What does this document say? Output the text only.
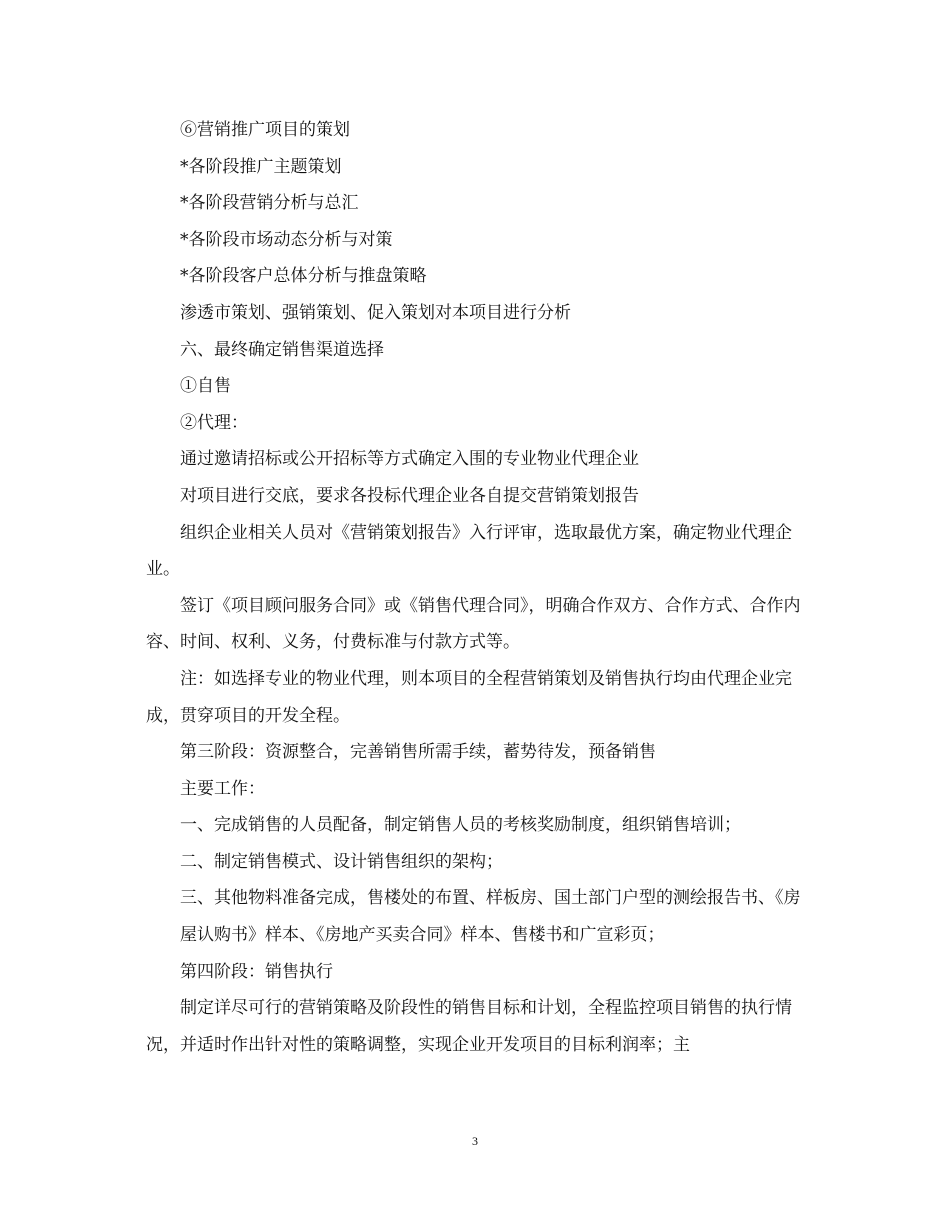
⑥营销推广项目的策划

*各阶段推广主题策划

*各阶段营销分析与总汇

*各阶段市场动态分析与对策

*各阶段客户总体分析与推盘策略

渗透市策划、强销策划、促入策划对本项目进行分析

六、最终确定销售渠道选择

①自售

②代理：

通过邀请招标或公开招标等方式确定入围的专业物业代理企业

对项目进行交底，要求各投标代理企业各自提交营销策划报告

组织企业相关人员对《营销策划报告》入行评审，选取最优方案，确定物业代理企业。

签订《项目顾问服务合同》或《销售代理合同》，明确合作双方、合作方式、合作内容、时间、权利、义务，付费标准与付款方式等。

注：如选择专业的物业代理，则本项目的全程营销策划及销售执行均由代理企业完成，贯穿项目的开发全程。

第三阶段：资源整合，完善销售所需手续，蓄势待发，预备销售

主要工作：

一、完成销售的人员配备，制定销售人员的考核奖励制度，组织销售培训；

二、制定销售模式、设计销售组织的架构；

三、其他物料准备完成，售楼处的布置、样板房、国土部门户型的测绘报告书、《房

屋认购书》样本、《房地产买卖合同》样本、售楼书和广宣彩页；

第四阶段：销售执行

制定详尽可行的营销策略及阶段性的销售目标和计划，全程监控项目销售的执行情况，并适时作出针对性的策略调整，实现企业开发项目的目标利润率；主

3
